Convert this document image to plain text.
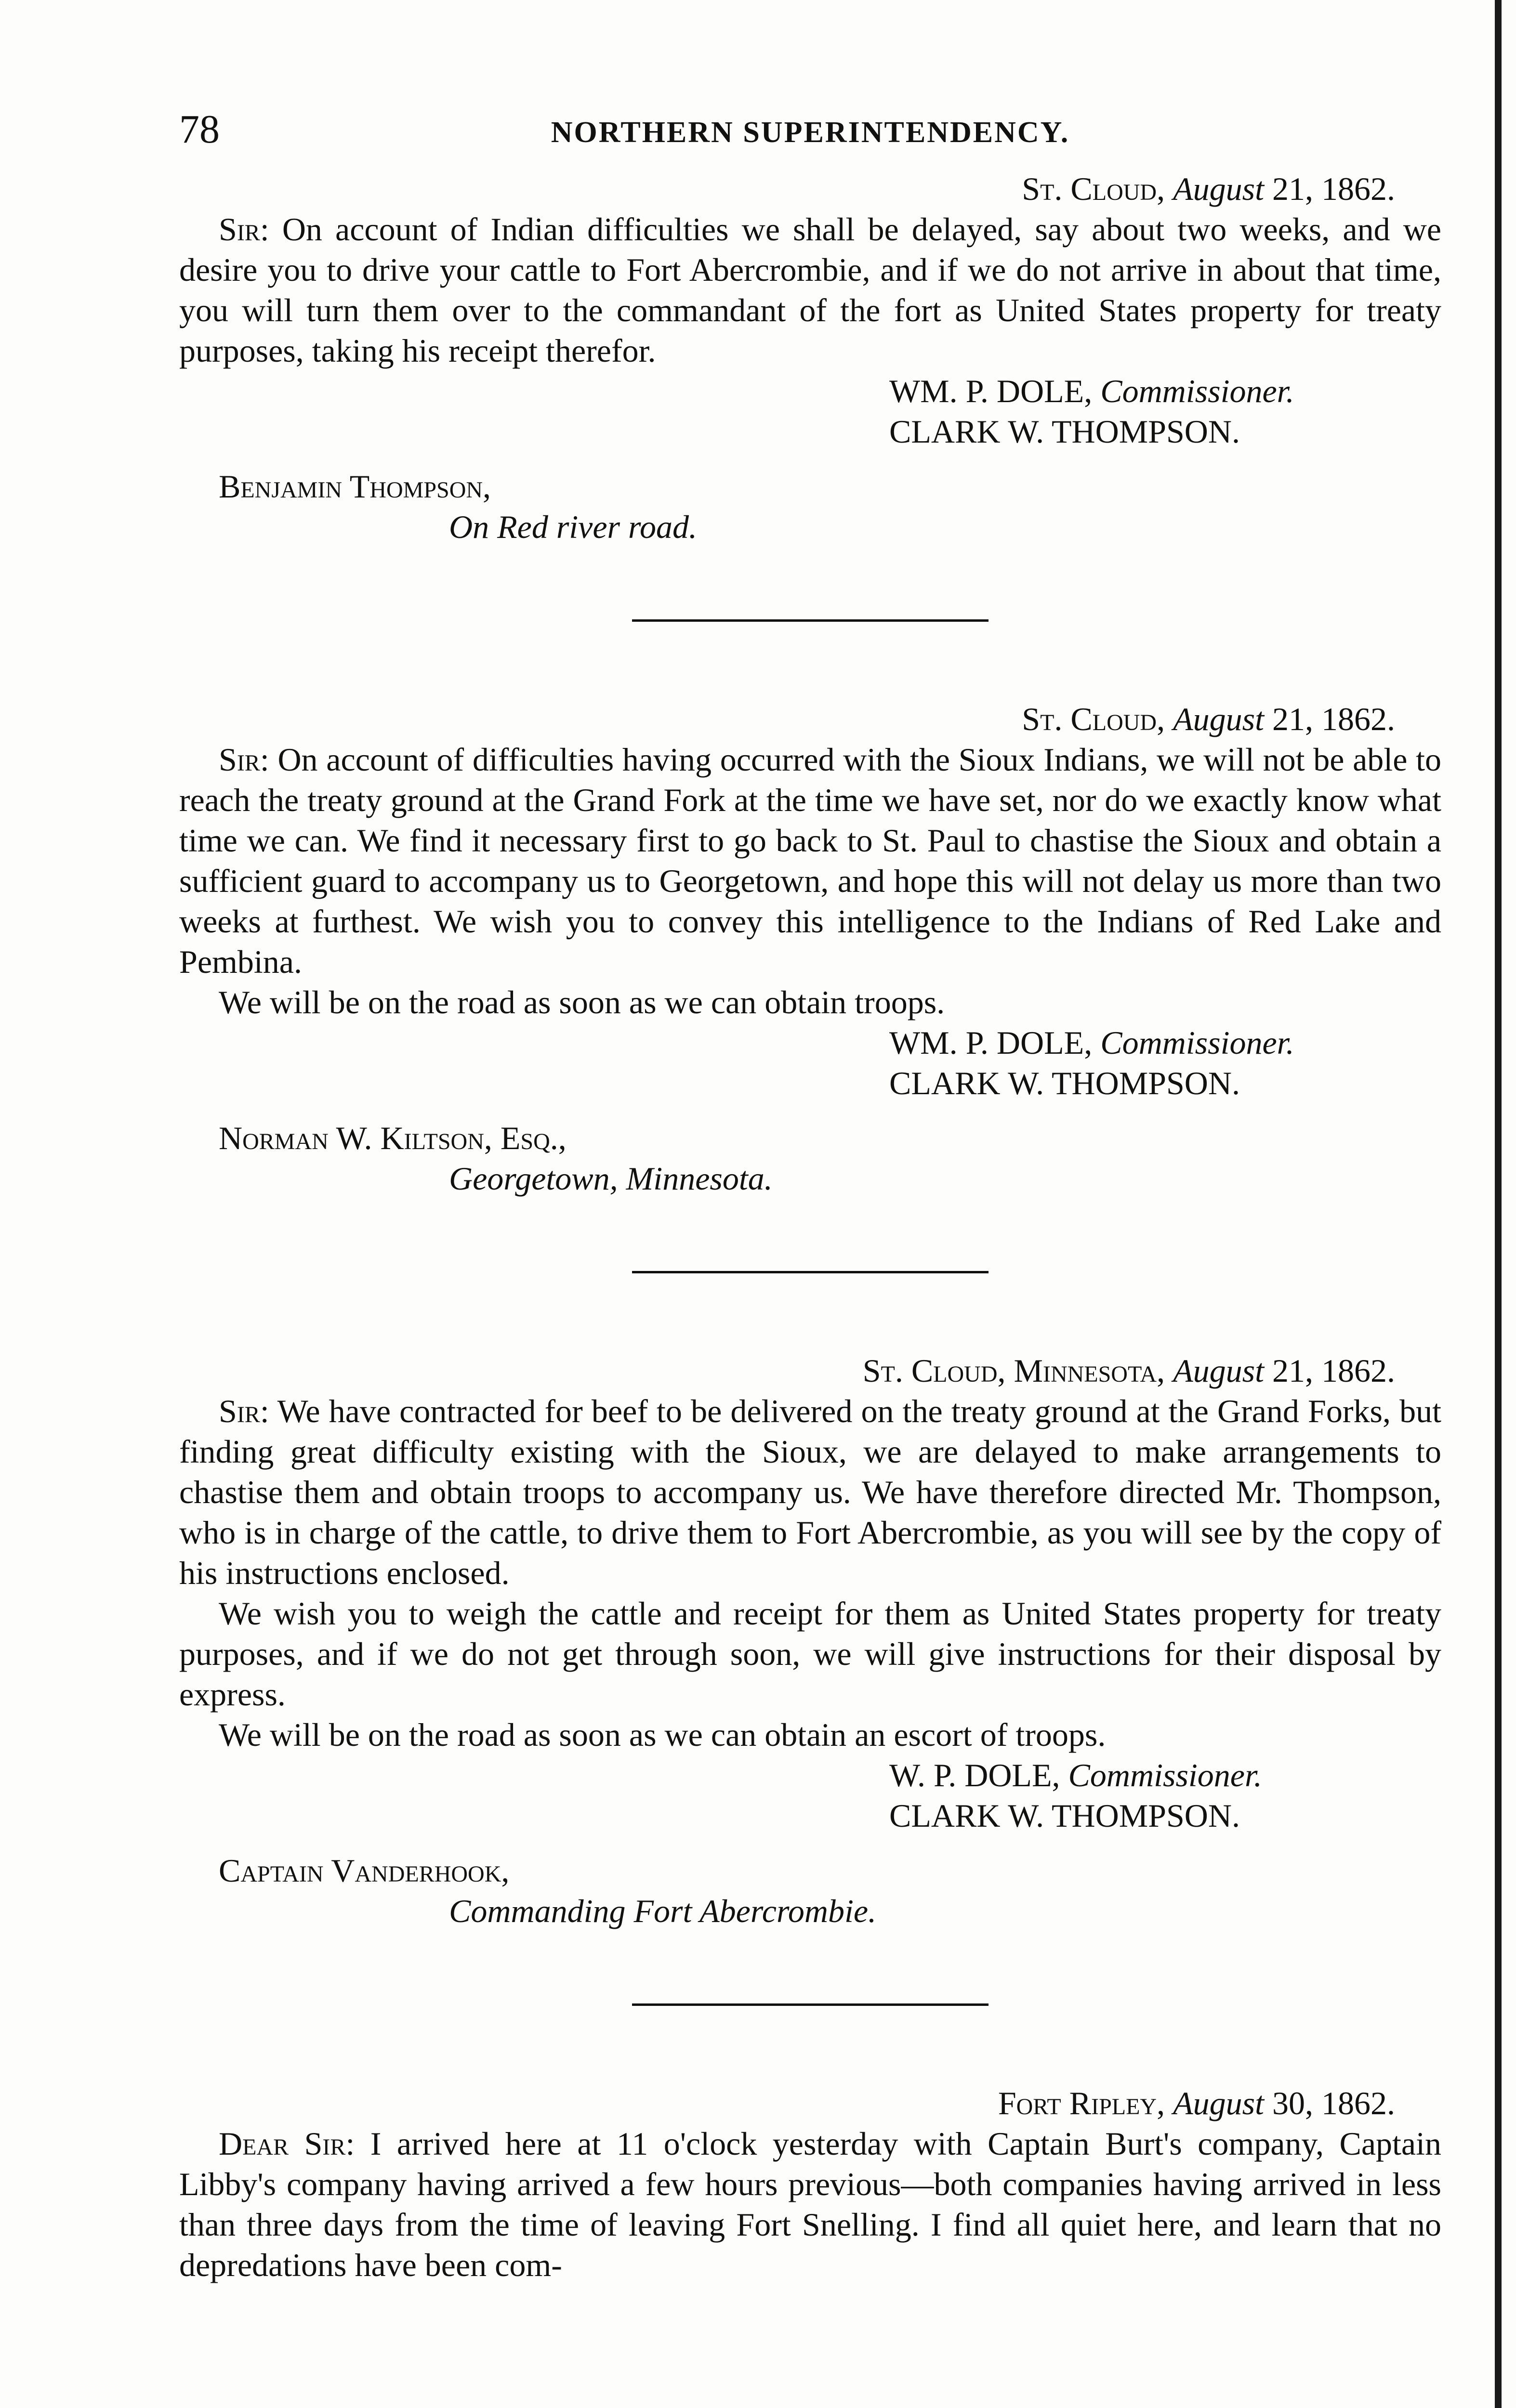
78	NORTHERN SUPERINTENDENCY.
St. Cloud, August 21, 1862.

Sir: On account of Indian difficulties we shall be delayed, say about two weeks, and we desire you to drive your cattle to Fort Abercrombie, and if we do not arrive in about that time, you will turn them over to the commandant of the fort as United States property for treaty purposes, taking his receipt therefor.

WM. P. DOLE, Commissioner.
CLARK W. THOMPSON.
Benjamin Thompson,
On Red river road.
St. Cloud, August 21, 1862.

Sir: On account of difficulties having occurred with the Sioux Indians, we will not be able to reach the treaty ground at the Grand Fork at the time we have set, nor do we exactly know what time we can. We find it necessary first to go back to St. Paul to chastise the Sioux and obtain a sufficient guard to accompany us to Georgetown, and hope this will not delay us more than two weeks at furthest. We wish you to convey this intelligence to the Indians of Red Lake and Pembina.

We will be on the road as soon as we can obtain troops.

WM. P. DOLE, Commissioner.
CLARK W. THOMPSON.
Norman W. Kiltson, Esq.,
Georgetown, Minnesota.
St. Cloud, Minnesota, August 21, 1862.

Sir: We have contracted for beef to be delivered on the treaty ground at the Grand Forks, but finding great difficulty existing with the Sioux, we are delayed to make arrangements to chastise them and obtain troops to accompany us. We have therefore directed Mr. Thompson, who is in charge of the cattle, to drive them to Fort Abercrombie, as you will see by the copy of his instructions enclosed.

We wish you to weigh the cattle and receipt for them as United States property for treaty purposes, and if we do not get through soon, we will give instructions for their disposal by express.

We will be on the road as soon as we can obtain an escort of troops.

W. P. DOLE, Commissioner.
CLARK W. THOMPSON.
Captain Vanderhook,
Commanding Fort Abercrombie.
Fort Ripley, August 30, 1862.

Dear Sir: I arrived here at 11 o'clock yesterday with Captain Burt's company, Captain Libby's company having arrived a few hours previous—both companies having arrived in less than three days from the time of leaving Fort Snelling. I find all quiet here, and learn that no depredations have been com-
